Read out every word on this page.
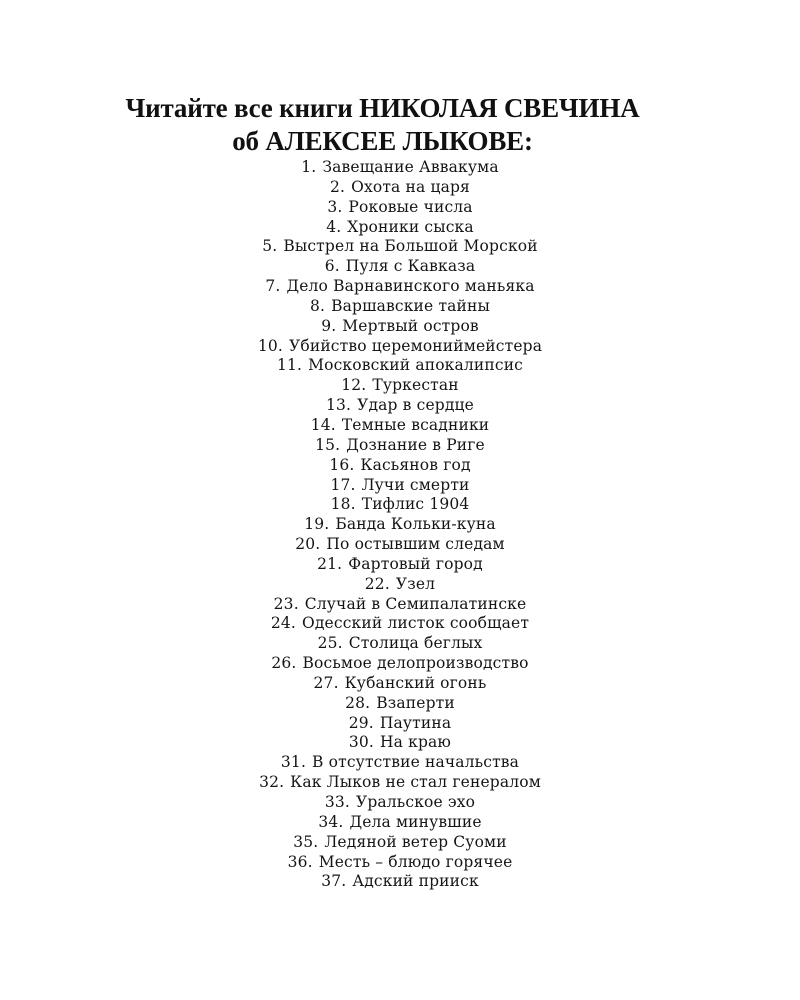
Читайте все книги НИКОЛАЯ СВЕЧИНА
об АЛЕКСЕЕ ЛЫКОВЕ:
1. Завещание Аввакума
2. Охота на царя
3. Роковые числа
4. Хроники сыска
5. Выстрел на Большой Морской
6. Пуля с Кавказа
7. Дело Варнавинского маньяка
8. Варшавские тайны
9. Мертвый остров
10. Убийство церемониймейстера
11. Московский апокалипсис
12. Туркестан
13. Удар в сердце
14. Темные всадники
15. Дознание в Риге
16. Касьянов год
17. Лучи смерти
18. Тифлис 1904
19. Банда Кольки-куна
20. По остывшим следам
21. Фартовый город
22. Узел
23. Случай в Семипалатинске
24. Одесский листок сообщает
25. Столица беглых
26. Восьмое делопроизводство
27. Кубанский огонь
28. Взаперти
29. Паутина
30. На краю
31. В отсутствие начальства
32. Как Лыков не стал генералом
33. Уральское эхо
34. Дела минувшие
35. Ледяной ветер Суоми
36. Месть – блюдо горячее
37. Адский прииск
